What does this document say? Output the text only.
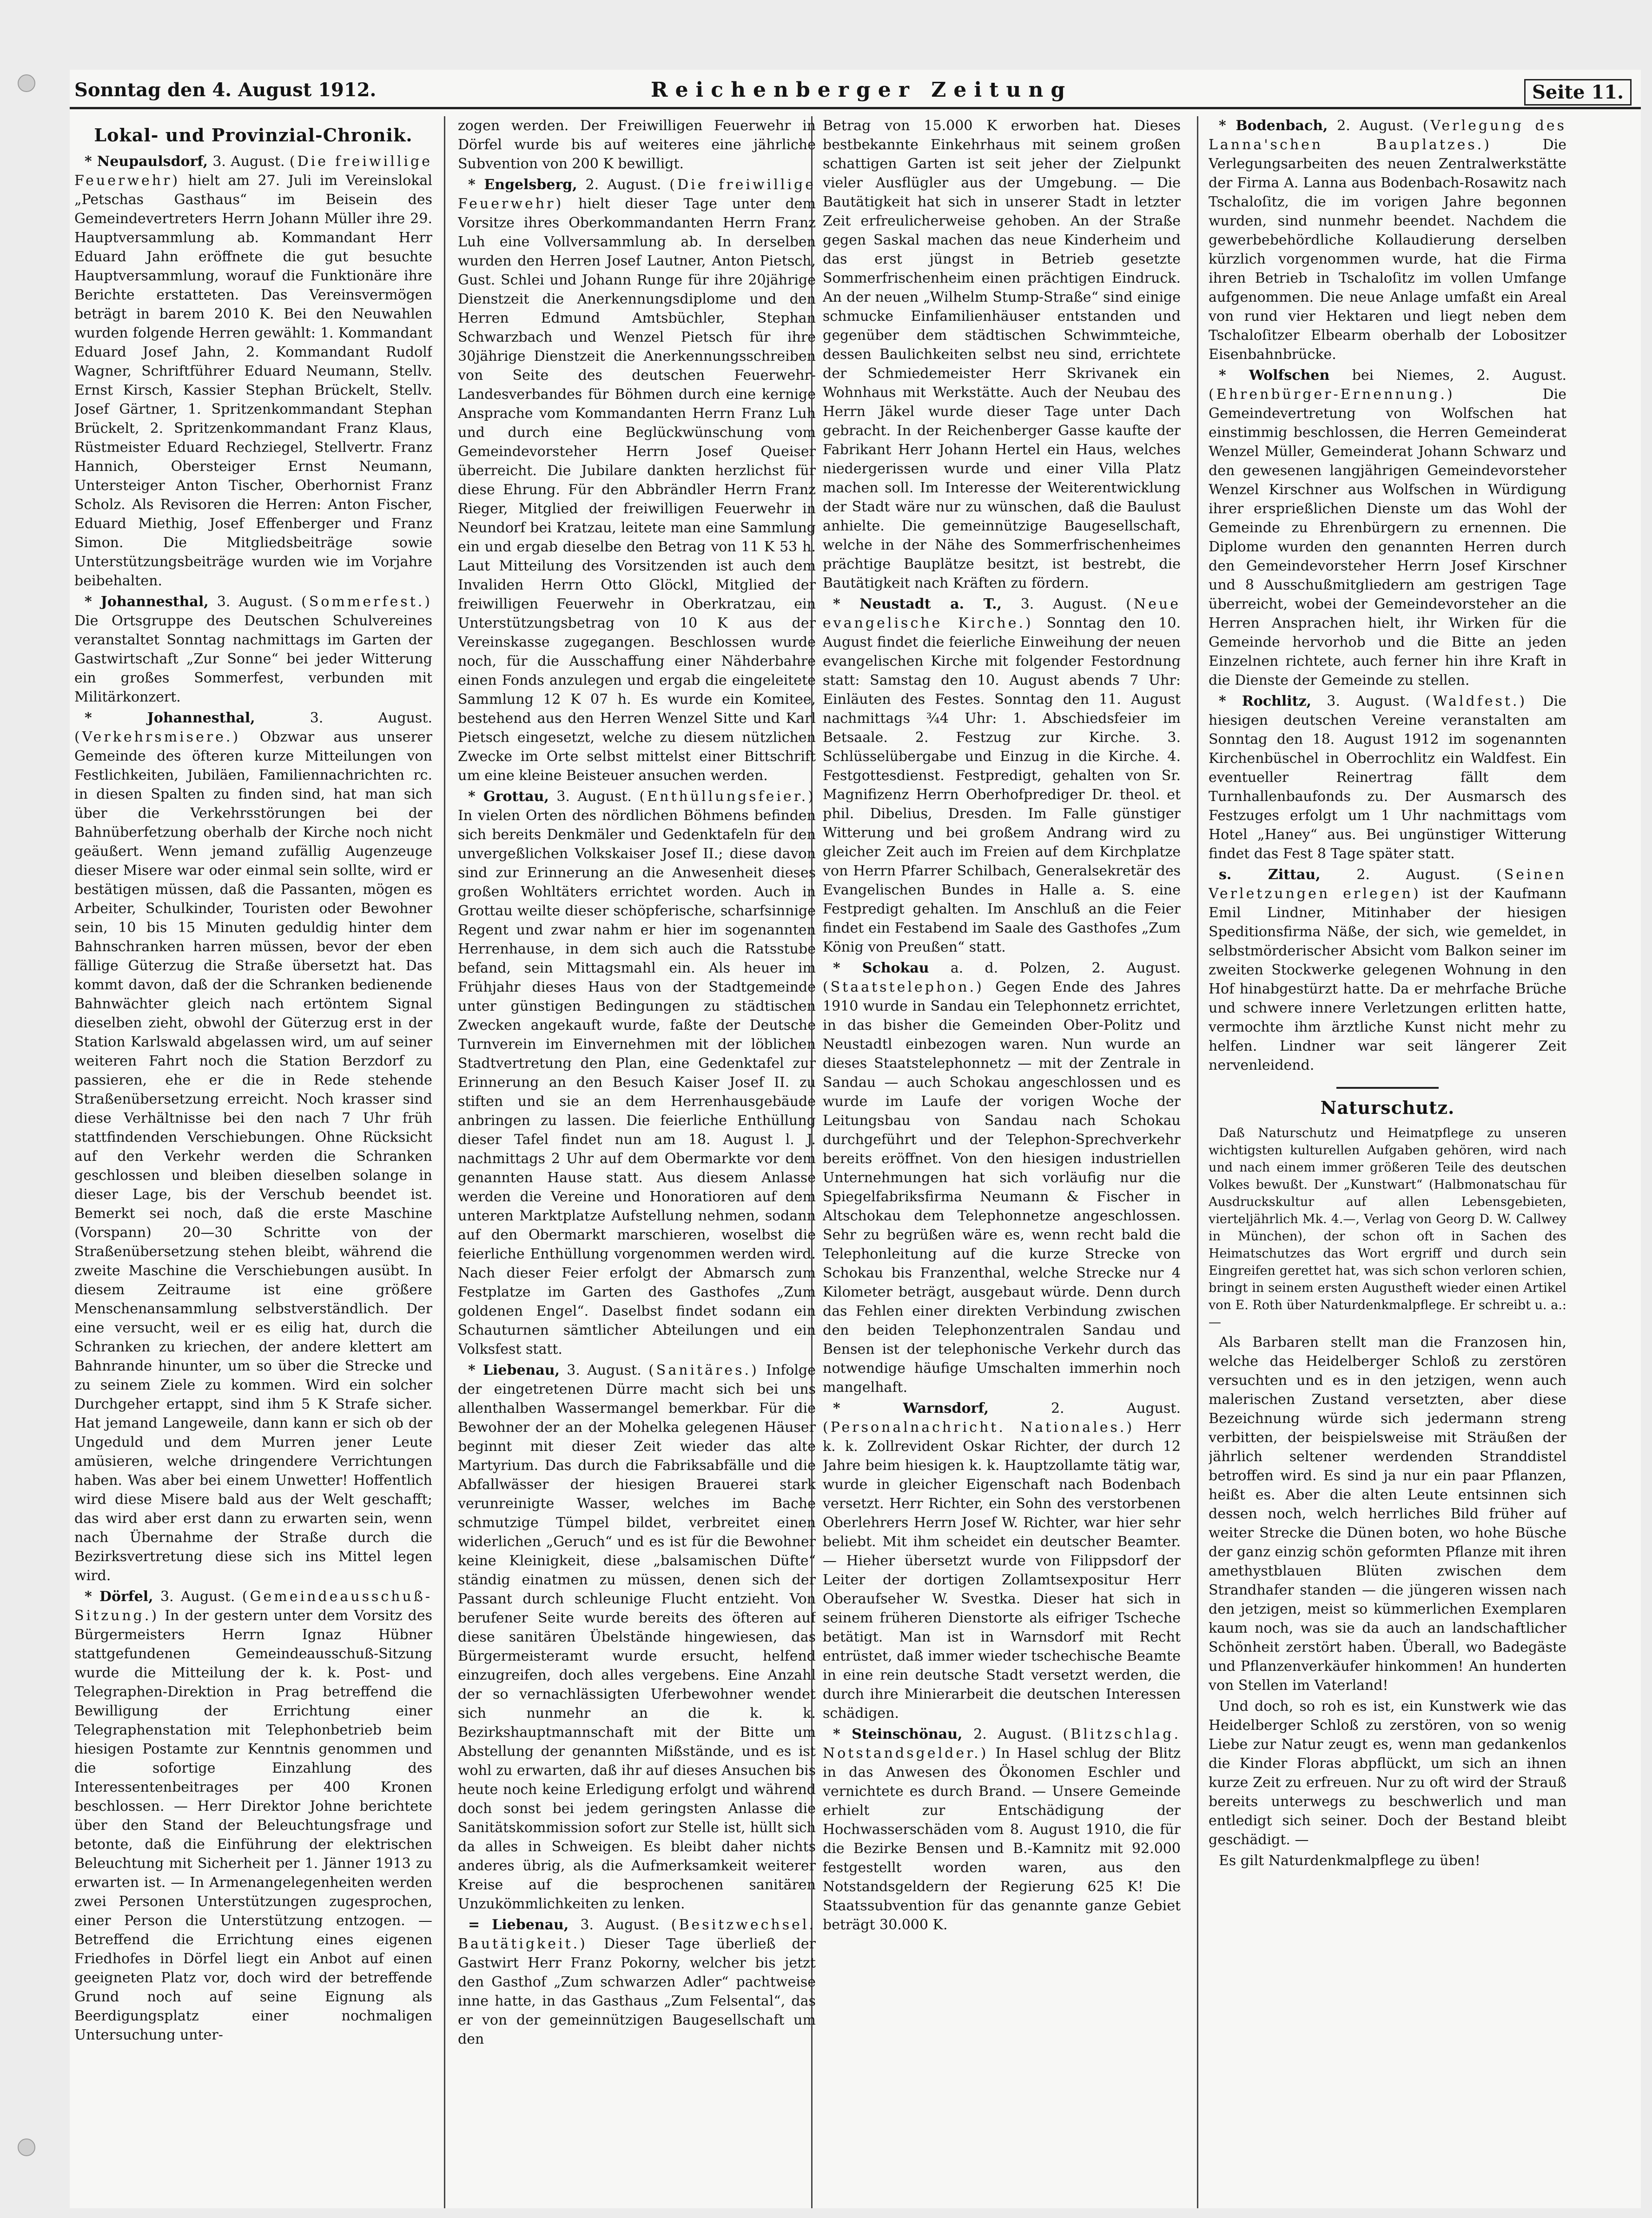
Sonntag den 4. August 1912.	Reichenberger Zeitung	Seite 11.
Lokal- und Provinzial-Chronik.

* Neupaulsdorf, 3. August. (Die freiwillige Feuerwehr) hielt am 27. Juli im Vereinslokal „Petschas Gasthaus“ im Beisein des Gemeindevertreters Herrn Johann Müller ihre 29. Hauptversammlung ab. Kommandant Herr Eduard Jahn eröffnete die gut besuchte Hauptversammlung, worauf die Funktionäre ihre Berichte erstatteten. Das Vereinsvermögen beträgt in barem 2010 K. Bei den Neuwahlen wurden folgende Herren gewählt: 1. Kommandant Eduard Josef Jahn, 2. Kommandant Rudolf Wagner, Schriftführer Eduard Neumann, Stellv. Ernst Kirsch, Kassier Stephan Brückelt, Stellv. Josef Gärtner, 1. Spritzenkommandant Stephan Brückelt, 2. Spritzenkommandant Franz Klaus, Rüstmeister Eduard Rechziegel, Stellvertr. Franz Hannich, Obersteiger Ernst Neumann, Untersteiger Anton Tischer, Oberhornist Franz Scholz. Als Revisoren die Herren: Anton Fischer, Eduard Miethig, Josef Effenberger und Franz Simon. Die Mitgliedsbeiträge sowie Unterstützungsbeiträge wurden wie im Vorjahre beibehalten.

* Johannesthal, 3. August. (Sommerfest.) Die Ortsgruppe des Deutschen Schulvereines veranstaltet Sonntag nachmittags im Garten der Gastwirtschaft „Zur Sonne“ bei jeder Witterung ein großes Sommerfest, verbunden mit Militärkonzert.

* Johannesthal,	3. August. (Verkehrsmisere.) Obzwar aus unserer Gemeinde des öfteren kurze Mitteilungen von Festlichkeiten, Jubiläen, Familiennachrichten rc. in diesen Spalten zu finden sind, hat man sich über die Verkehrsstörungen bei der Bahnüberfetzung oberhalb der Kirche noch nicht geäußert. Wenn jemand zufällig Augenzeuge dieser Misere war oder einmal sein sollte, wird er bestätigen müssen, daß die Passanten, mögen es Arbeiter, Schulkinder, Touristen oder Bewohner sein, 10 bis 15 Minuten geduldig hinter dem Bahnschranken harren müssen, bevor der eben fällige Güterzug die Straße übersetzt hat. Das kommt davon, daß der die Schranken bedienende Bahnwächter gleich nach ertöntem Signal dieselben zieht, obwohl der Güterzug erst in der Station Karlswald abgelassen wird, um auf seiner weiteren Fahrt noch die Station Berzdorf zu passieren, ehe er die in Rede stehende Straßenübersetzung erreicht. Noch krasser sind diese Verhältnisse bei den nach 7 Uhr früh stattfindenden Verschiebungen. Ohne Rücksicht auf den Verkehr werden die Schranken geschlossen und bleiben dieselben solange in dieser Lage, bis der Verschub beendet ist. Bemerkt sei noch, daß die erste Maschine (Vorspann) 20—30 Schritte von der Straßenübersetzung stehen bleibt, während die zweite Maschine die Verschiebungen ausübt. In diesem Zeitraume ist eine größere Menschenansammlung selbstverständlich. Der eine versucht, weil er es eilig hat, durch die Schranken zu kriechen, der andere klettert am Bahnrande hinunter, um so über die Strecke und zu seinem Ziele zu kommen. Wird ein solcher Durchgeher ertappt, sind ihm 5 K Strafe sicher. Hat jemand Langeweile, dann kann er sich ob der Ungeduld und dem Murren jener Leute amüsieren, welche dringendere Verrichtungen haben. Was aber bei einem Unwetter! Hoffentlich wird diese Misere bald aus der Welt geschafft; das wird aber erst dann zu erwarten sein, wenn nach Übernahme der Straße durch die Bezirksvertretung diese sich ins Mittel legen wird.

* Dörfel, 3. August. (Gemeindeausschuß-Sitzung.) In der gestern unter dem Vorsitz des Bürgermeisters Herrn Ignaz Hübner stattgefundenen Gemeindeausschuß-Sitzung wurde die Mitteilung der k. k. Post- und Telegraphen-Direktion in Prag betreffend die Bewilligung der Errichtung einer Telegraphenstation mit Telephonbetrieb beim hiesigen Postamte zur Kenntnis genommen und die sofortige Einzahlung des Interessentenbeitrages per 400 Kronen beschlossen. — Herr Direktor Johne berichtete über den Stand der Beleuchtungsfrage und betonte, daß die Einführung der elektrischen Beleuchtung mit Sicherheit per 1. Jänner 1913 zu erwarten ist. — In Armenangelegenheiten werden zwei Personen Unterstützungen zugesprochen, einer Person die Unterstützung entzogen. — Betreffend die Errichtung eines eigenen Friedhofes in Dörfel liegt ein Anbot auf einen geeigneten Platz vor, doch wird der betreffende Grund noch auf seine Eignung als Beerdigungsplatz einer nochmaligen Untersuchung unter-

zogen werden. Der Freiwilligen Feuerwehr in Dörfel wurde bis auf weiteres eine jährliche Subvention von 200 K bewilligt.

* Engelsberg, 2. August. (Die freiwillige Feuerwehr) hielt dieser Tage unter dem Vorsitze ihres Oberkommandanten Herrn Franz Luh eine Vollversammlung ab. In derselben wurden den Herren Josef Lautner, Anton Pietsch, Gust. Schlei und Johann Runge für ihre 20jährige Dienstzeit die Anerkennungsdiplome und den Herren Edmund Amtsbüchler, Stephan Schwarzbach und Wenzel Pietsch für ihre 30jährige Dienstzeit die Anerkennungsschreiben von Seite des deutschen Feuerwehr-Landesverbandes für Böhmen durch eine kernige Ansprache vom Kommandanten Herrn Franz Luh und durch eine Beglückwünschung vom Gemeindevorsteher Herrn Josef Queiser überreicht. Die Jubilare dankten herzlichst für diese Ehrung. Für den Abbrändler Herrn Franz Rieger, Mitglied der freiwilligen Feuerwehr in Neundorf bei Kratzau, leitete man eine Sammlung ein und ergab dieselbe den Betrag von 11 K 53 h. Laut Mitteilung des Vorsitzenden ist auch dem Invaliden Herrn Otto Glöckl, Mitglied der freiwilligen Feuerwehr in Oberkratzau, ein Unterstützungsbetrag von 10 K aus der Vereinskasse zugegangen. Beschlossen wurde noch, für die Ausschaffung einer Nähderbahre einen Fonds anzulegen und ergab die eingeleitete Sammlung 12 K 07 h. Es wurde ein Komitee, bestehend aus den Herren Wenzel Sitte und Karl Pietsch eingesetzt, welche zu diesem nützlichen Zwecke im Orte selbst mittelst einer Bittschrift um eine kleine Beisteuer ansuchen werden.

* Grottau, 3. August. (Enthüllungsfeier.) In vielen Orten des nördlichen Böhmens befinden sich bereits Denkmäler und Gedenktafeln für den unvergeßlichen Volkskaiser Josef II.; diese davon sind zur Erinnerung an die Anwesenheit dieses großen Wohltäters errichtet worden. Auch in Grottau weilte dieser schöpferische, scharfsinnige Regent und zwar nahm er hier im sogenannten Herrenhause, in dem sich auch die Ratsstube befand, sein Mittagsmahl ein. Als heuer im Frühjahr dieses Haus von der Stadtgemeinde unter günstigen Bedingungen zu städtischen Zwecken angekauft wurde, faßte der Deutsche Turnverein im Einvernehmen mit der löblichen Stadtvertretung den Plan, eine Gedenktafel zur Erinnerung an den Besuch Kaiser Josef II. zu stiften und sie an dem Herrenhausgebäude anbringen zu lassen. Die feierliche Enthüllung dieser Tafel findet nun am 18. August l. J. nachmittags 2 Uhr auf dem Obermarkte vor dem genannten Hause statt. Aus diesem Anlasse werden die Vereine und Honoratioren auf dem unteren Marktplatze Aufstellung nehmen, sodann auf den Obermarkt marschieren, woselbst die feierliche Enthüllung vorgenommen werden wird. Nach dieser Feier erfolgt der Abmarsch zum Festplatze im Garten des Gasthofes „Zum goldenen Engel“. Daselbst findet sodann ein Schauturnen sämtlicher Abteilungen und ein Volksfest statt.

* Liebenau, 3. August. (Sanitäres.) Infolge der eingetretenen Dürre macht sich bei uns allenthalben Wassermangel bemerkbar. Für die Bewohner der an der Mohelka gelegenen Häuser beginnt mit dieser Zeit wieder das alte Martyrium. Das durch die Fabriksabfälle und die Abfallwässer der hiesigen Brauerei stark verunreinigte Wasser, welches im Bache schmutzige Tümpel bildet, verbreitet einen widerlichen „Geruch“ und es ist für die Bewohner keine Kleinigkeit, diese „balsamischen Düfte“ ständig einatmen zu müssen, denen sich der Passant durch schleunige Flucht entzieht. Von berufener Seite wurde bereits des öfteren auf diese sanitären Übelstände hingewiesen, das Bürgermeisteramt wurde ersucht, helfend einzugreifen, doch alles vergebens. Eine Anzahl der so vernachlässigten Uferbewohner wendet sich nunmehr an die k. k. Bezirkshauptmannschaft mit der Bitte um Abstellung der genannten Mißstände, und es ist wohl zu erwarten, daß ihr auf dieses Ansuchen bis heute noch keine Erledigung erfolgt und während doch sonst bei jedem geringsten Anlasse die Sanitätskommission sofort zur Stelle ist, hüllt sich da alles in Schweigen. Es bleibt daher nichts anderes übrig, als die Aufmerksamkeit weiterer Kreise auf die besprochenen sanitären Unzukömmlichkeiten zu lenken.

= Liebenau, 3. August. (Besitzwechsel. Bautätigkeit.) Dieser Tage überließ der Gastwirt Herr Franz Pokorny, welcher bis jetzt den Gasthof „Zum schwarzen Adler“ pachtweise inne hatte, in das Gasthaus „Zum Felsental“, das er von der gemeinnützigen Baugesellschaft um den

Betrag von 15.000 K erworben hat. Dieses bestbekannte Einkehrhaus mit seinem großen schattigen Garten ist seit jeher der Zielpunkt vieler Ausflügler aus der Umgebung. — Die Bautätigkeit hat sich in unserer Stadt in letzter Zeit erfreulicherweise gehoben. An der Straße gegen Saskal machen das neue Kinderheim und das erst jüngst in Betrieb gesetzte Sommerfrischenheim einen prächtigen Eindruck. An der neuen „Wilhelm Stump-Straße“ sind einige schmucke Einfamilienhäuser entstanden und gegenüber dem städtischen Schwimmteiche, dessen Baulichkeiten selbst neu sind, errichtete der Schmiedemeister Herr Skrivanek ein Wohnhaus mit Werkstätte. Auch der Neubau des Herrn Jäkel wurde dieser Tage unter Dach gebracht. In der Reichenberger Gasse kaufte der Fabrikant Herr Johann Hertel ein Haus, welches niedergerissen wurde und einer Villa Platz machen soll. Im Interesse der Weiterentwicklung der Stadt wäre nur zu wünschen, daß die Baulust anhielte. Die gemeinnützige Baugesellschaft, welche in der Nähe des Sommerfrischenheimes prächtige Bauplätze besitzt, ist bestrebt, die Bautätigkeit nach Kräften zu fördern.

* Neustadt a. T., 3. August. (Neue evangelische Kirche.) Sonntag den 10. August findet die feierliche Einweihung der neuen evangelischen Kirche mit folgender Festordnung statt: Samstag den 10. August abends 7 Uhr: Einläuten des Festes. Sonntag den 11. August nachmittags ¾4 Uhr: 1. Abschiedsfeier im Betsaale. 2. Festzug zur Kirche. 3. Schlüsselübergabe und Einzug in die Kirche. 4. Festgottesdienst. Festpredigt, gehalten von Sr. Magnifizenz Herrn Oberhofprediger Dr. theol. et phil. Dibelius, Dresden. Im Falle günstiger Witterung und bei großem Andrang wird zu gleicher Zeit auch im Freien auf dem Kirchplatze von Herrn Pfarrer Schilbach, Generalsekretär des Evangelischen Bundes in Halle a. S. eine Festpredigt gehalten. Im Anschluß an die Feier findet ein Festabend im Saale des Gasthofes „Zum König von Preußen“ statt.

* Schokau a. d. Polzen, 2. August. (Staatstelephon.) Gegen Ende des Jahres 1910 wurde in Sandau ein Telephonnetz errichtet, in das bisher die Gemeinden Ober-Politz und Neustadtl einbezogen waren. Nun wurde an dieses Staatstelephonnetz — mit der Zentrale in Sandau — auch Schokau angeschlossen und es wurde im Laufe der vorigen Woche der Leitungsbau von Sandau nach Schokau durchgeführt und der Telephon-Sprechverkehr bereits eröffnet. Von den hiesigen industriellen Unternehmungen hat sich vorläufig nur die Spiegelfabriksfirma Neumann & Fischer in Altschokau dem Telephonnetze angeschlossen. Sehr zu begrüßen wäre es, wenn recht bald die Telephonleitung auf die kurze Strecke von Schokau bis Franzenthal, welche Strecke nur 4 Kilometer beträgt, ausgebaut würde. Denn durch das Fehlen einer direkten Verbindung zwischen den beiden Telephonzentralen Sandau und Bensen ist der telephonische Verkehr durch das notwendige häufige Umschalten immerhin noch mangelhaft.

* Warnsdorf,	2. August. (Personalnachricht. Nationales.) Herr k. k. Zollrevident Oskar Richter, der durch 12 Jahre beim hiesigen k. k. Hauptzollamte tätig war, wurde in gleicher Eigenschaft nach Bodenbach versetzt. Herr Richter, ein Sohn des verstorbenen Oberlehrers Herrn Josef W. Richter, war hier sehr beliebt. Mit ihm scheidet ein deutscher Beamter. — Hieher übersetzt wurde von Filippsdorf der Leiter der dortigen Zollamtsexpositur Herr Oberaufseher W. Svestka. Dieser hat sich in seinem früheren Dienstorte als eifriger Tscheche betätigt. Man ist in Warnsdorf mit Recht entrüstet, daß immer wieder tschechische Beamte in eine rein deutsche Stadt versetzt werden, die durch ihre Minierarbeit die deutschen Interessen schädigen.

* Steinschönau, 2. August. (Blitzschlag. Notstandsgelder.) In Hasel schlug der Blitz in das Anwesen des Ökonomen Eschler und vernichtete es durch Brand. — Unsere Gemeinde erhielt zur Entschädigung der Hochwasserschäden vom 8. August 1910, die für die Bezirke Bensen und B.-Kamnitz mit 92.000 festgestellt worden waren, aus den Notstandsgeldern der Regierung 625 K! Die Staatssubvention für das genannte ganze Gebiet beträgt 30.000 K.

* Bodenbach, 2. August. (Verlegung des Lanna'schen Bauplatzes.)	Die Verlegungsarbeiten des neuen Zentralwerkstätte der Firma A. Lanna aus Bodenbach-Rosawitz nach Tschaloſitz, die im vorigen Jahre begonnen wurden, sind nunmehr beendet. Nachdem die gewerbebehördliche Kollaudierung derselben kürzlich vorgenommen wurde, hat die Firma ihren Betrieb in Tschaloſitz im vollen Umfange aufgenommen. Die neue Anlage umfaßt ein Areal von rund vier Hektaren und liegt neben dem Tschaloſitzer Elbearm oberhalb der Lobositzer Eisenbahnbrücke.

* Wolfschen bei Niemes, 2. August. (Ehrenbürger-Ernennung.)	Die Gemeindevertretung von Wolfschen hat einstimmig beschlossen, die Herren Gemeinderat Wenzel Müller, Gemeinderat Johann Schwarz und den gewesenen langjährigen Gemeindevorsteher Wenzel Kirschner aus Wolfschen in Würdigung ihrer ersprießlichen Dienste um das Wohl der Gemeinde zu Ehrenbürgern zu ernennen. Die Diplome wurden den genannten Herren durch den Gemeindevorsteher Herrn Josef Kirschner und 8 Ausschußmitgliedern am gestrigen Tage überreicht, wobei der Gemeindevorsteher an die Herren Ansprachen hielt, ihr Wirken für die Gemeinde hervorhob und die Bitte an jeden Einzelnen richtete, auch ferner hin ihre Kraft in die Dienste der Gemeinde zu stellen.

* Rochlitz, 3. August. (Waldfest.) Die hiesigen deutschen Vereine veranstalten am Sonntag den 18. August 1912 im sogenannten Kirchenbüschel in Oberrochlitz ein Waldfest. Ein eventueller Reinertrag fällt dem Turnhallenbaufonds zu. Der Ausmarsch des Festzuges erfolgt um 1 Uhr nachmittags vom Hotel „Haney“ aus. Bei ungünstiger Witterung findet das Fest 8 Tage später statt.

s. Zittau,	2. August.	(Seinen Verletzungen erlegen) ist der Kaufmann Emil Lindner, Mitinhaber der hiesigen Speditionsfirma Näße, der sich, wie gemeldet, in selbstmörderischer Absicht vom Balkon seiner im zweiten Stockwerke gelegenen Wohnung in den Hof hinabgestürzt hatte. Da er mehrfache Brüche und schwere innere Verletzungen erlitten hatte, vermochte ihm ärztliche Kunst nicht mehr zu helfen. Lindner war seit längerer Zeit nervenleidend.

Naturschutz.

Daß Naturschutz und Heimatpflege zu unseren wichtigsten kulturellen Aufgaben gehören, wird nach und nach einem immer größeren Teile des deutschen Volkes bewußt. Der „Kunstwart“ (Halbmonatschau für Ausdruckskultur auf allen Lebensgebieten, vierteljährlich Mk. 4.—, Verlag von Georg D. W. Callwey in München), der schon oft in Sachen des Heimatschutzes das Wort ergriff und durch sein Eingreifen gerettet hat, was sich schon verloren schien, bringt in seinem ersten Augustheft wieder einen Artikel von E. Roth über Naturdenkmalpflege. Er schreibt u. a.: —

Als Barbaren stellt man die Franzosen hin, welche das Heidelberger Schloß zu zerstören versuchten und es in den jetzigen, wenn auch malerischen Zustand versetzten, aber diese Bezeichnung würde sich jedermann streng verbitten, der beispielsweise mit Sträußen der jährlich seltener werdenden Stranddistel betroffen wird. Es sind ja nur ein paar Pflanzen, heißt es. Aber die alten Leute entsinnen sich dessen noch, welch herrliches Bild früher auf weiter Strecke die Dünen boten, wo hohe Büsche der ganz einzig schön geformten Pflanze mit ihren amethystblauen Blüten zwischen dem Strandhafer standen — die jüngeren wissen nach den jetzigen, meist so kümmerlichen Exemplaren kaum noch, was sie da auch an landschaftlicher Schönheit zerstört haben. Überall, wo Badegäste und Pflanzenverkäufer hinkommen! An hunderten von Stellen im Vaterland!

Und doch, so roh es ist, ein Kunstwerk wie das Heidelberger Schloß zu zerstören, von so wenig Liebe zur Natur zeugt es, wenn man gedankenlos die Kinder Floras abpflückt, um sich an ihnen kurze Zeit zu erfreuen. Nur zu oft wird der Strauß bereits unterwegs zu beschwerlich und man entledigt sich seiner. Doch der Bestand bleibt geschädigt. —

Es gilt Naturdenkmalpflege zu üben!
